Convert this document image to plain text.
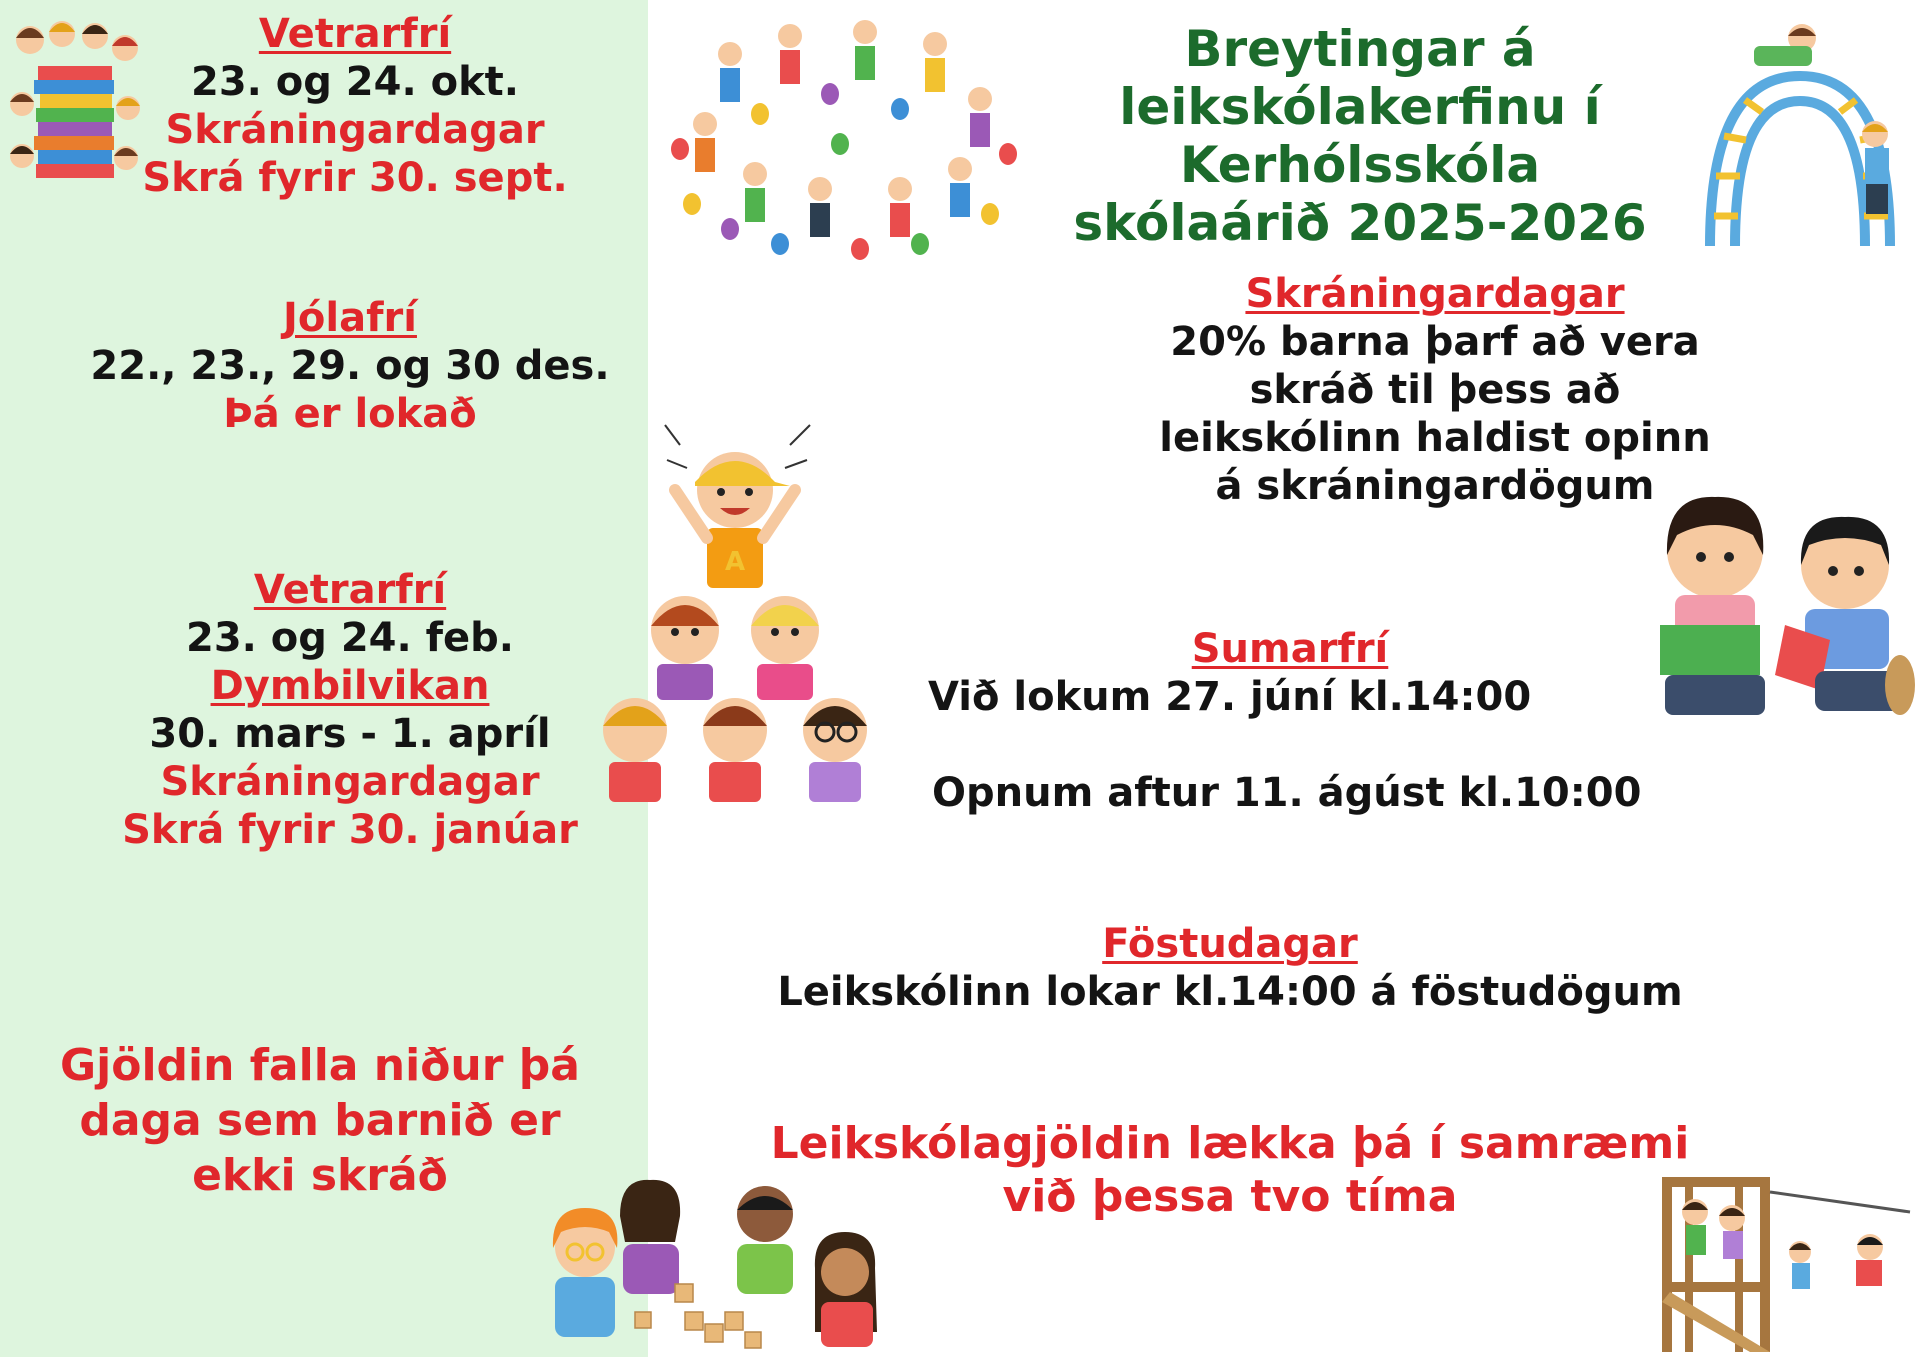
Vetrarfrí
23. og 24. okt.
Skráningardagar
Skrá fyrir 30. sept.
Jólafrí
22., 23., 29. og 30 des.
Þá er lokað
Vetrarfrí
23. og 24. feb.
Dymbilvikan
30. mars - 1. apríl
Skráningardagar
Skrá fyrir 30. janúar
Gjöldin falla niður þá
daga sem barnið er
ekki skráð
Breytingar á
leikskólakerfinu í
Kerhólsskóla
skólaárið 2025-2026
Skráningardagar
20% barna þarf að vera
skráð til þess að
leikskólinn haldist opinn
á skráningardögum
Sumarfrí
Við lokum 27. júní kl.14:00
Opnum aftur 11. ágúst kl.10:00
Föstudagar
Leikskólinn lokar kl.14:00 á föstudögum
Leikskólagjöldin lækka þá í samræmi
við þessa tvo tíma
A
